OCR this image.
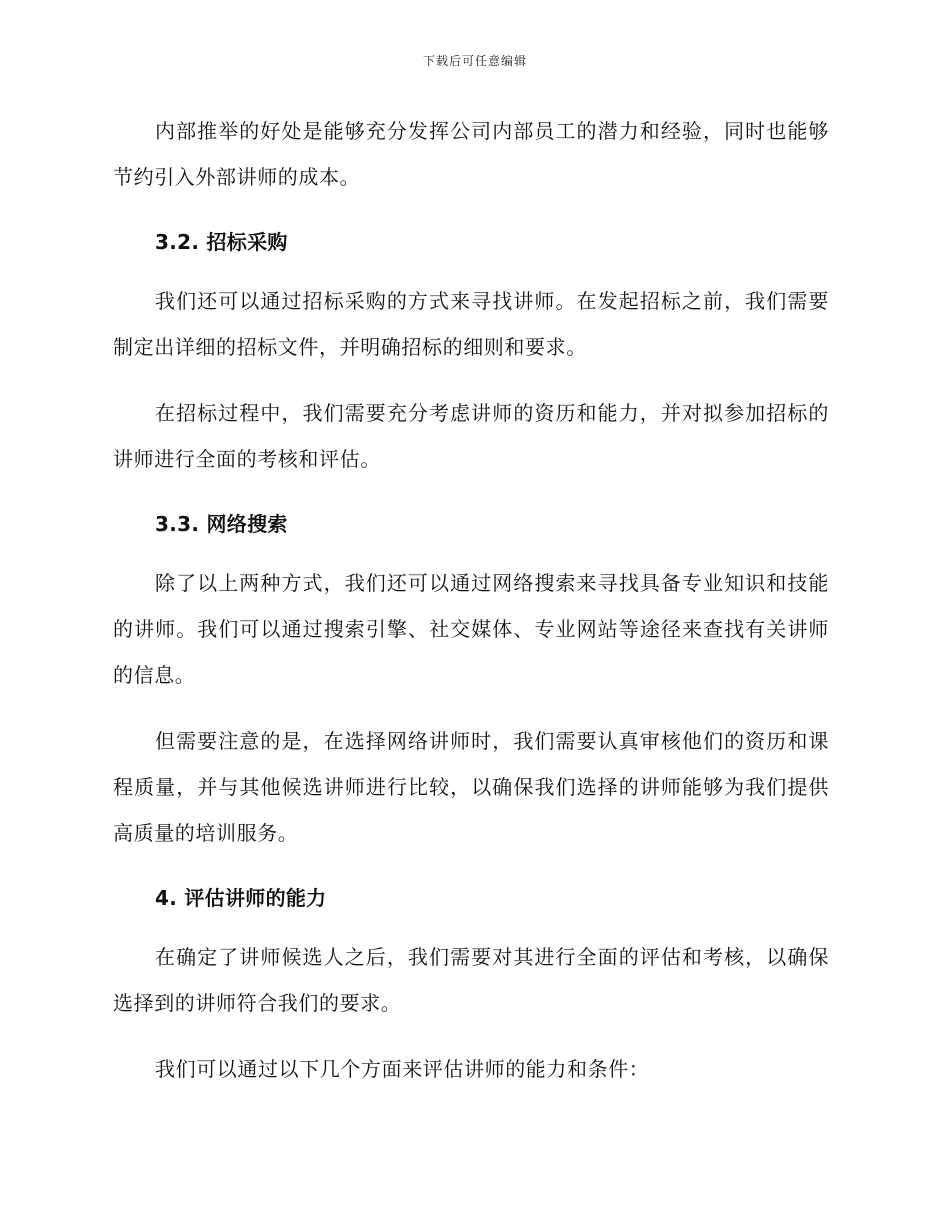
下载后可任意编辑

内部推举的好处是能够充分发挥公司内部员工的潜力和经验，同时也能够节约引入外部讲师的成本。

3.2. 招标采购

我们还可以通过招标采购的方式来寻找讲师。在发起招标之前，我们需要制定出详细的招标文件，并明确招标的细则和要求。

在招标过程中，我们需要充分考虑讲师的资历和能力，并对拟参加招标的讲师进行全面的考核和评估。

3.3. 网络搜索

除了以上两种方式，我们还可以通过网络搜索来寻找具备专业知识和技能的讲师。我们可以通过搜索引擎、社交媒体、专业网站等途径来查找有关讲师的信息。

但需要注意的是，在选择网络讲师时，我们需要认真审核他们的资历和课程质量，并与其他候选讲师进行比较，以确保我们选择的讲师能够为我们提供高质量的培训服务。

4. 评估讲师的能力

在确定了讲师候选人之后，我们需要对其进行全面的评估和考核，以确保选择到的讲师符合我们的要求。

我们可以通过以下几个方面来评估讲师的能力和条件：
